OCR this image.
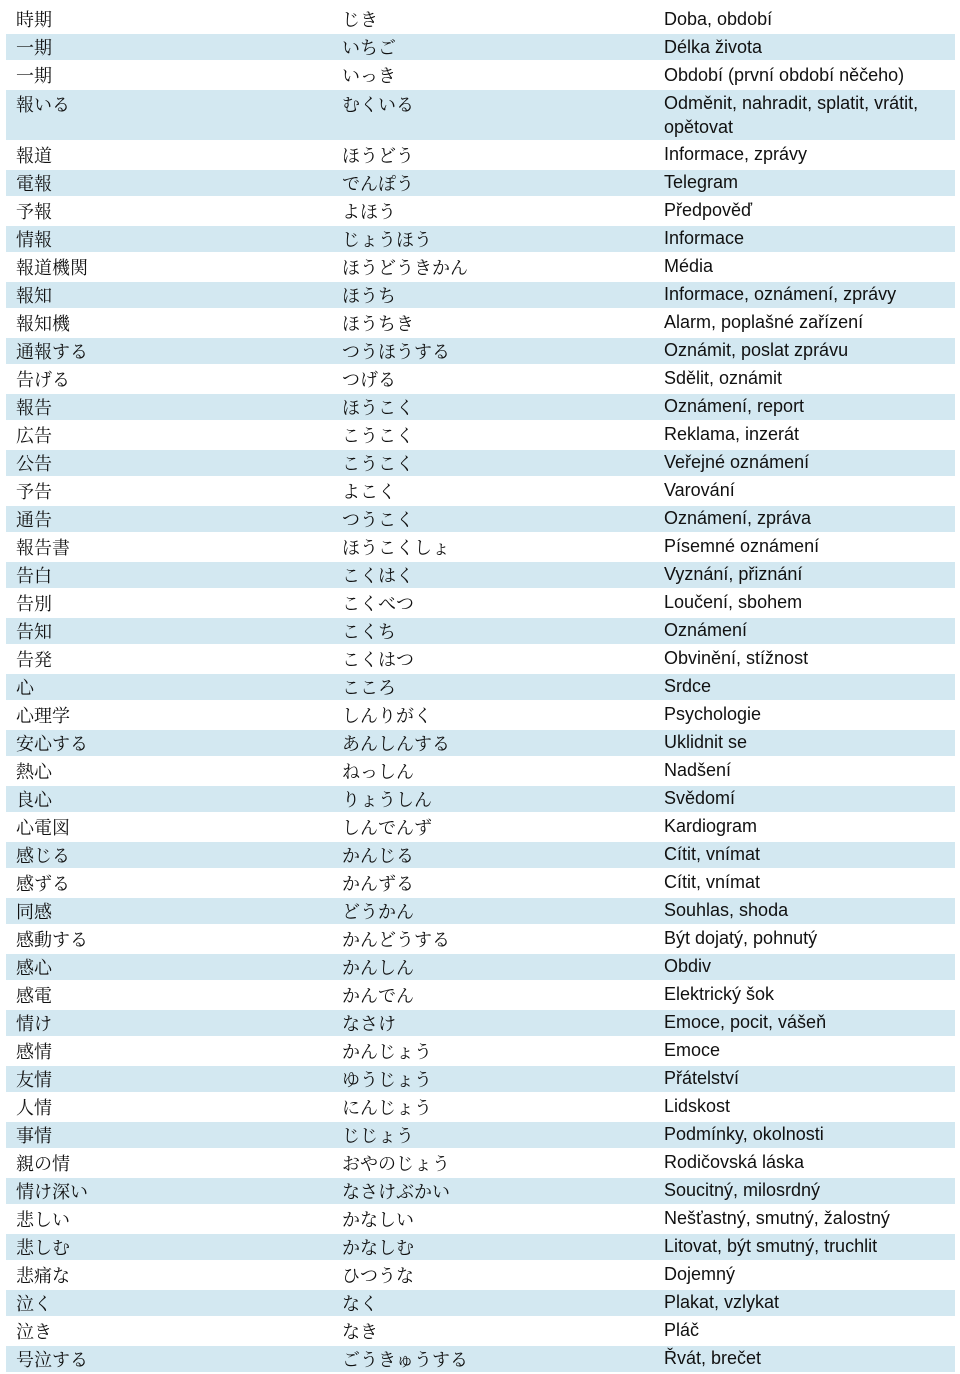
時期	じき	Doba, období
一期	いちご	Délka života
一期	いっき	Období (první období něčeho)
報いる	むくいる	Odměnit, nahradit, splatit, vrátit, opětovat
報道	ほうどう	Informace, zprávy
電報	でんぽう	Telegram
予報	よほう	Předpověď
情報	じょうほう	Informace
報道機関	ほうどうきかん	Média
報知	ほうち	Informace, oznámení, zprávy
報知機	ほうちき	Alarm, poplašné zařízení
通報する	つうほうする	Oznámit, poslat zprávu
告げる	つげる	Sdělit, oznámit
報告	ほうこく	Oznámení, report
広告	こうこく	Reklama, inzerát
公告	こうこく	Veřejné oznámení
予告	よこく	Varování
通告	つうこく	Oznámení, zpráva
報告書	ほうこくしょ	Písemné oznámení
告白	こくはく	Vyznání, přiznání
告別	こくべつ	Loučení, sbohem
告知	こくち	Oznámení
告発	こくはつ	Obvinění, stížnost
心	こころ	Srdce
心理学	しんりがく	Psychologie
安心する	あんしんする	Uklidnit se
熱心	ねっしん	Nadšení
良心	りょうしん	Svědomí
心電図	しんでんず	Kardiogram
感じる	かんじる	Cítit, vnímat
感ずる	かんずる	Cítit, vnímat
同感	どうかん	Souhlas, shoda
感動する	かんどうする	Být dojatý, pohnutý
感心	かんしん	Obdiv
感電	かんでん	Elektrický šok
情け	なさけ	Emoce, pocit, vášeň
感情	かんじょう	Emoce
友情	ゆうじょう	Přátelství
人情	にんじょう	Lidskost
事情	じじょう	Podmínky, okolnosti
親の情	おやのじょう	Rodičovská láska
情け深い	なさけぶかい	Soucitný, milosrdný
悲しい	かなしい	Nešťastný, smutný, žalostný
悲しむ	かなしむ	Litovat, být smutný, truchlit
悲痛な	ひつうな	Dojemný
泣く	なく	Plakat, vzlykat
泣き	なき	Pláč
号泣する	ごうきゅうする	Řvát, brečet
